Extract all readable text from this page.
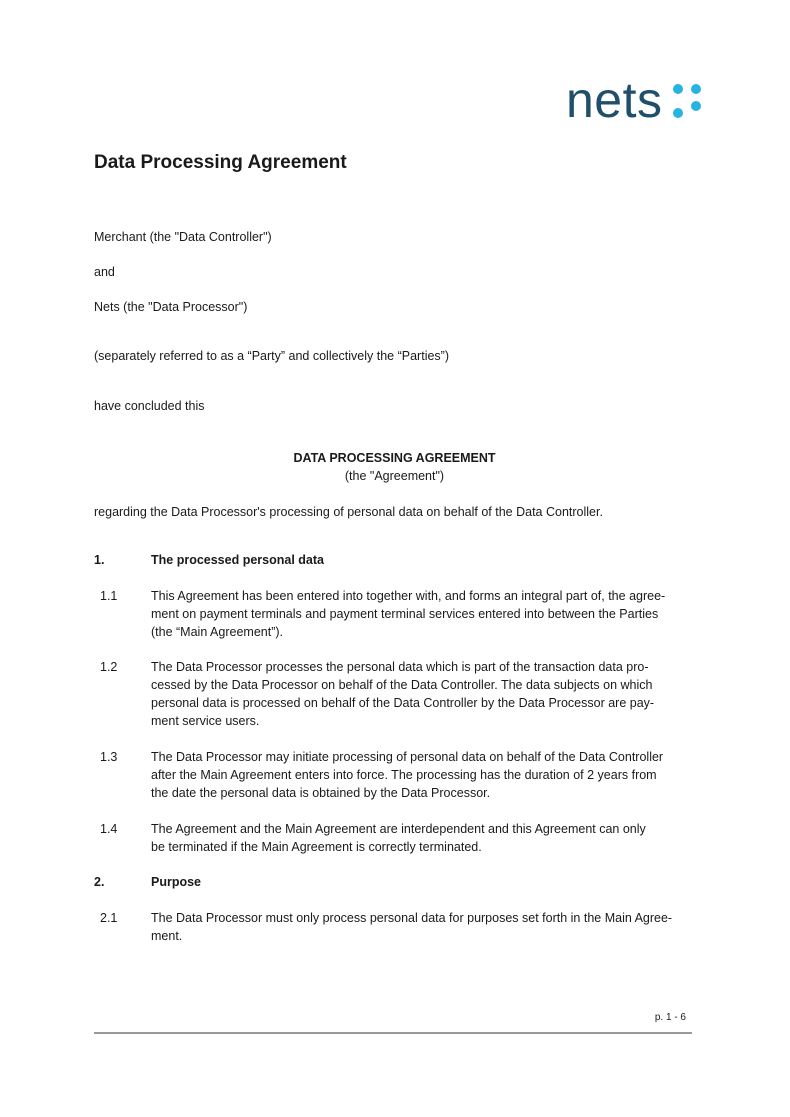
nets
Data Processing Agreement
Merchant (the "Data Controller")
and
Nets (the "Data Processor")
(separately referred to as a “Party” and collectively the “Parties”)
have concluded this
DATA PROCESSING AGREEMENT
(the "Agreement")
regarding the Data Processor's processing of personal data on behalf of the Data Controller.
1.	The processed personal data
1.1	This Agreement has been entered into together with, and forms an integral part of, the agree-
ment on payment terminals and payment terminal services entered into between the Parties
(the “Main Agreement”).
1.2	The Data Processor processes the personal data which is part of the transaction data pro-
cessed by the Data Processor on behalf of the Data Controller. The data subjects on which
personal data is processed on behalf of the Data Controller by the Data Processor are pay-
ment service users.
1.3	The Data Processor may initiate processing of personal data on behalf of the Data Controller
after the Main Agreement enters into force. The processing has the duration of 2 years from
the date the personal data is obtained by the Data Processor.
1.4	The Agreement and the Main Agreement are interdependent and this Agreement can only
be terminated if the Main Agreement is correctly terminated.
2.	Purpose
2.1	The Data Processor must only process personal data for purposes set forth in the Main Agree-
ment.
p. 1 - 6
